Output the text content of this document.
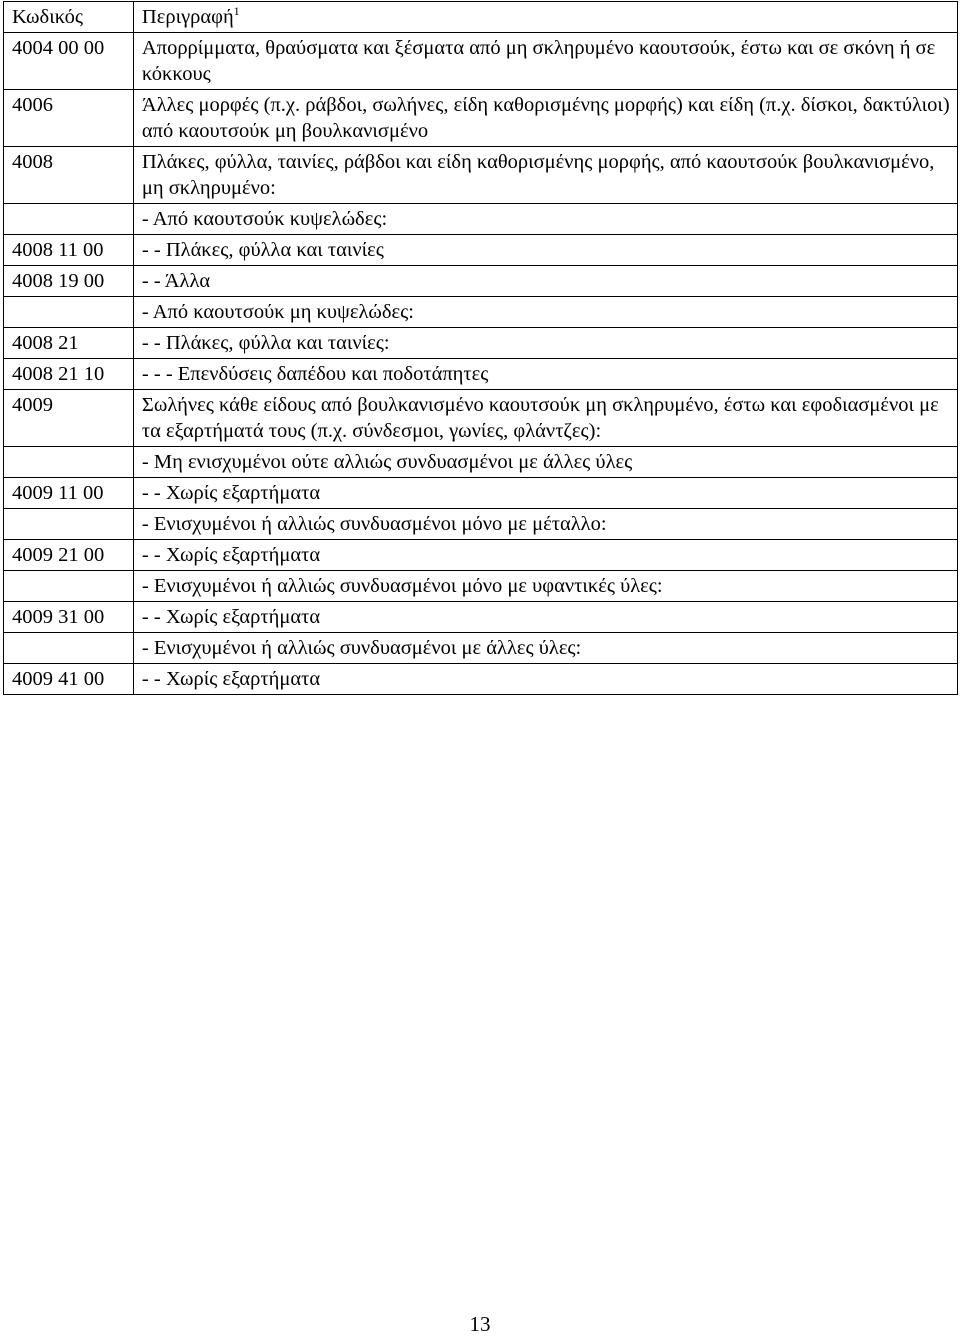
Κωδικός	Περιγραφή$^1$
4004 00 00	Απορρίμματα, θραύσματα και ξέσματα από μη σκληρυμένο καουτσούκ, έστω και σε σκόνη ή σε κόκκους
4006	Άλλες μορφές (π.χ. ράβδοι, σωλήνες, είδη καθορισμένης μορφής) και είδη (π.χ. δίσκοι, δακτύλιοι) από καουτσούκ μη βουλκανισμένο
4008	Πλάκες, φύλλα, ταινίες, ράβδοι και είδη καθορισμένης μορφής, από καουτσούκ βουλκανισμένο, μη σκληρυμένο:
	- Από καουτσούκ κυψελώδες:
4008 11 00	- - Πλάκες, φύλλα και ταινίες
4008 19 00	- - Άλλα
	- Από καουτσούκ μη κυψελώδες:
4008 21	- - Πλάκες, φύλλα και ταινίες:
4008 21 10	- - - Επενδύσεις δαπέδου και ποδοτάπητες
4009	Σωλήνες κάθε είδους από βουλκανισμένο καουτσούκ μη σκληρυμένο, έστω και εφοδιασμένοι με τα εξαρτήματά τους (π.χ. σύνδεσμοι, γωνίες, φλάντζες):
	- Μη ενισχυμένοι ούτε αλλιώς συνδυασμένοι με άλλες ύλες
4009 11 00	- - Χωρίς εξαρτήματα
	- Ενισχυμένοι ή αλλιώς συνδυασμένοι μόνο με μέταλλο:
4009 21 00	- - Χωρίς εξαρτήματα
	- Ενισχυμένοι ή αλλιώς συνδυασμένοι μόνο με υφαντικές ύλες:
4009 31 00	- - Χωρίς εξαρτήματα
	- Ενισχυμένοι ή αλλιώς συνδυασμένοι με άλλες ύλες:
4009 41 00	- - Χωρίς εξαρτήματα
13
